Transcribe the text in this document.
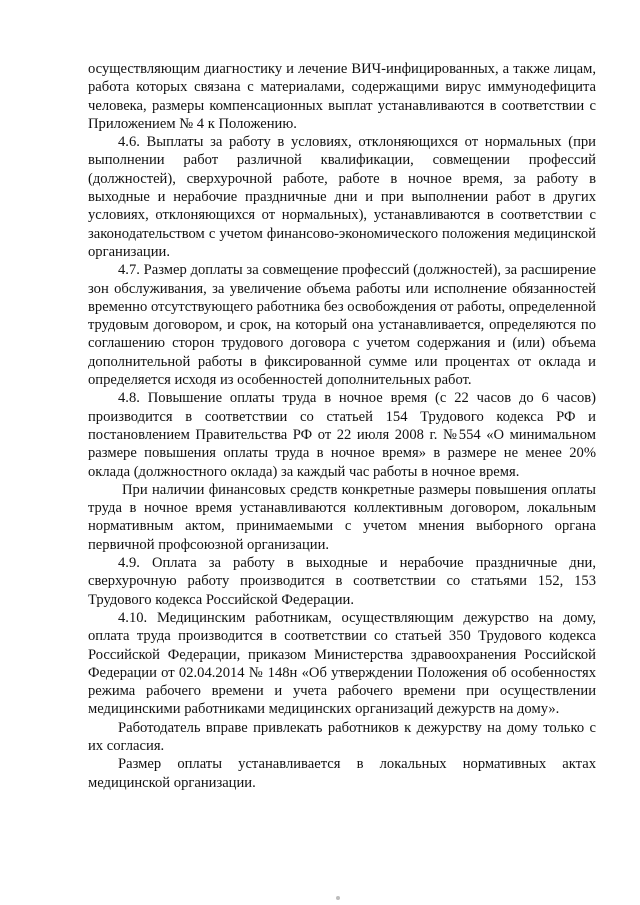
осуществляющим диагностику и лечение ВИЧ-инфицированных, а также лицам, работа которых связана с материалами, содержащими вирус иммунодефицита человека, размеры компенсационных выплат устанавливаются в соответствии с Приложением № 4 к Положению.

4.6. Выплаты за работу в условиях, отклоняющихся от нормальных (при выполнении работ различной квалификации, совмещении профессий (должностей), сверхурочной работе, работе в ночное время, за работу в выходные и нерабочие праздничные дни и при выполнении работ в других условиях, отклоняющихся от нормальных), устанавливаются в соответствии с законодательством с учетом финансово-экономического положения медицинской организации.

4.7. Размер доплаты за совмещение профессий (должностей), за расширение зон обслуживания, за увеличение объема работы или исполнение обязанностей временно отсутствующего работника без освобождения от работы, определенной трудовым договором, и срок, на который она устанавливается, определяются по соглашению сторон трудового договора с учетом содержания и (или) объема дополнительной работы в фиксированной сумме или процентах от оклада и определяется исходя из особенностей дополнительных работ.

4.8. Повышение оплаты труда в ночное время (с 22 часов до 6 часов) производится в соответствии со статьей 154 Трудового кодекса РФ и постановлением Правительства РФ от 22 июля 2008 г. №554 «О минимальном размере повышения оплаты труда в ночное время» в размере не менее 20% оклада (должностного оклада) за каждый час работы в ночное время.

При наличии финансовых средств конкретные размеры повышения оплаты труда в ночное время устанавливаются коллективным договором, локальным нормативным актом, принимаемыми с учетом мнения выборного органа первичной профсоюзной организации.

4.9. Оплата за работу в выходные и нерабочие праздничные дни, сверхурочную работу производится в соответствии со статьями 152, 153 Трудового кодекса Российской Федерации.

4.10. Медицинским работникам, осуществляющим дежурство на дому, оплата труда производится в соответствии со статьей 350 Трудового кодекса Российской Федерации, приказом Министерства здравоохранения Российской Федерации от 02.04.2014 № 148н «Об утверждении Положения об особенностях режима рабочего времени и учета рабочего времени при осуществлении медицинскими работниками медицинских организаций дежурств на дому».

Работодатель вправе привлекать работников к дежурству на дому только с их согласия.

Размер оплаты устанавливается в локальных нормативных актах медицинской организации.
